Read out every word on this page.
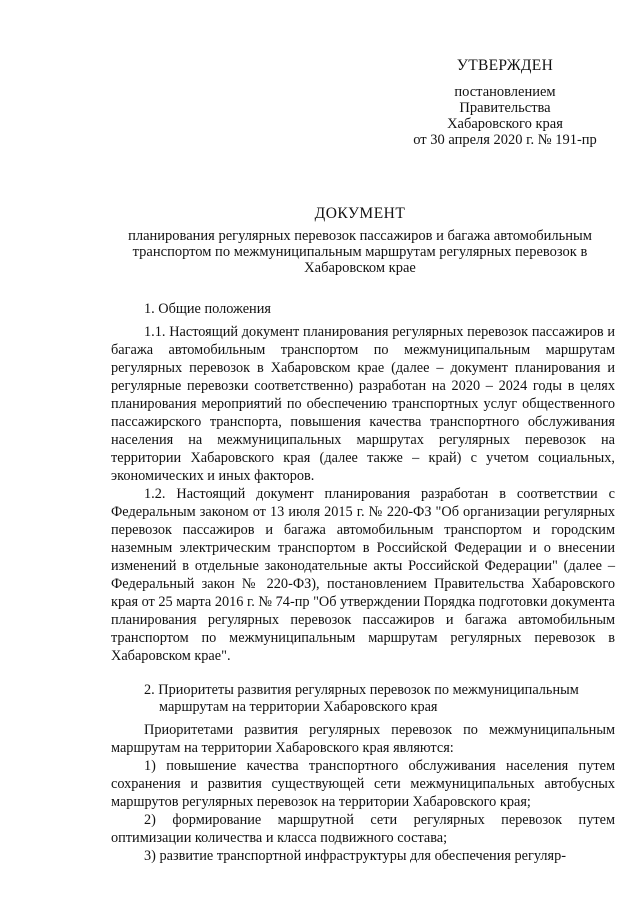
УТВЕРЖДЕН
постановлением
Правительства
Хабаровского края
от 30 апреля 2020 г. № 191-пр
ДОКУМЕНТ
планирования регулярных перевозок пассажиров и багажа автомобильным транспортом по межмуниципальным маршрутам регулярных перевозок в Хабаровском крае

1. Общие положения

1.1. Настоящий документ планирования регулярных перевозок пассажиров и багажа автомобильным транспортом по межмуниципальным маршрутам регулярных перевозок в Хабаровском крае (далее – документ планирования и регулярные перевозки соответственно) разработан на 2020 – 2024 годы в целях планирования мероприятий по обеспечению транспортных услуг общественного пассажирского транспорта, повышения качества транспортного обслуживания населения на межмуниципальных маршрутах регулярных перевозок на территории Хабаровского края (далее также – край) с учетом социальных, экономических и иных факторов.

1.2. Настоящий документ планирования разработан в соответствии с Федеральным законом от 13 июля 2015 г. № 220-ФЗ "Об организации регулярных перевозок пассажиров и багажа автомобильным транспортом и городским наземным электрическим транспортом в Российской Федерации и о внесении изменений в отдельные законодательные акты Российской Федерации" (далее – Федеральный закон № 220-ФЗ), постановлением Правительства Хабаровского края от 25 марта 2016 г. № 74-пр "Об утверждении Порядка подготовки документа планирования регулярных перевозок пассажиров и багажа автомобильным транспортом по межмуниципальным маршрутам регулярных перевозок в Хабаровском крае".

2. Приоритеты развития регулярных перевозок по межмуниципальным маршрутам на территории Хабаровского края

Приоритетами развития регулярных перевозок по межмуниципальным маршрутам на территории Хабаровского края являются:

1) повышение качества транспортного обслуживания населения путем сохранения и развития существующей сети межмуниципальных автобусных маршрутов регулярных перевозок на территории Хабаровского края;

2) формирование маршрутной сети регулярных перевозок путем оптимизации количества и класса подвижного состава;

3) развитие транспортной инфраструктуры для обеспечения регуляр-
